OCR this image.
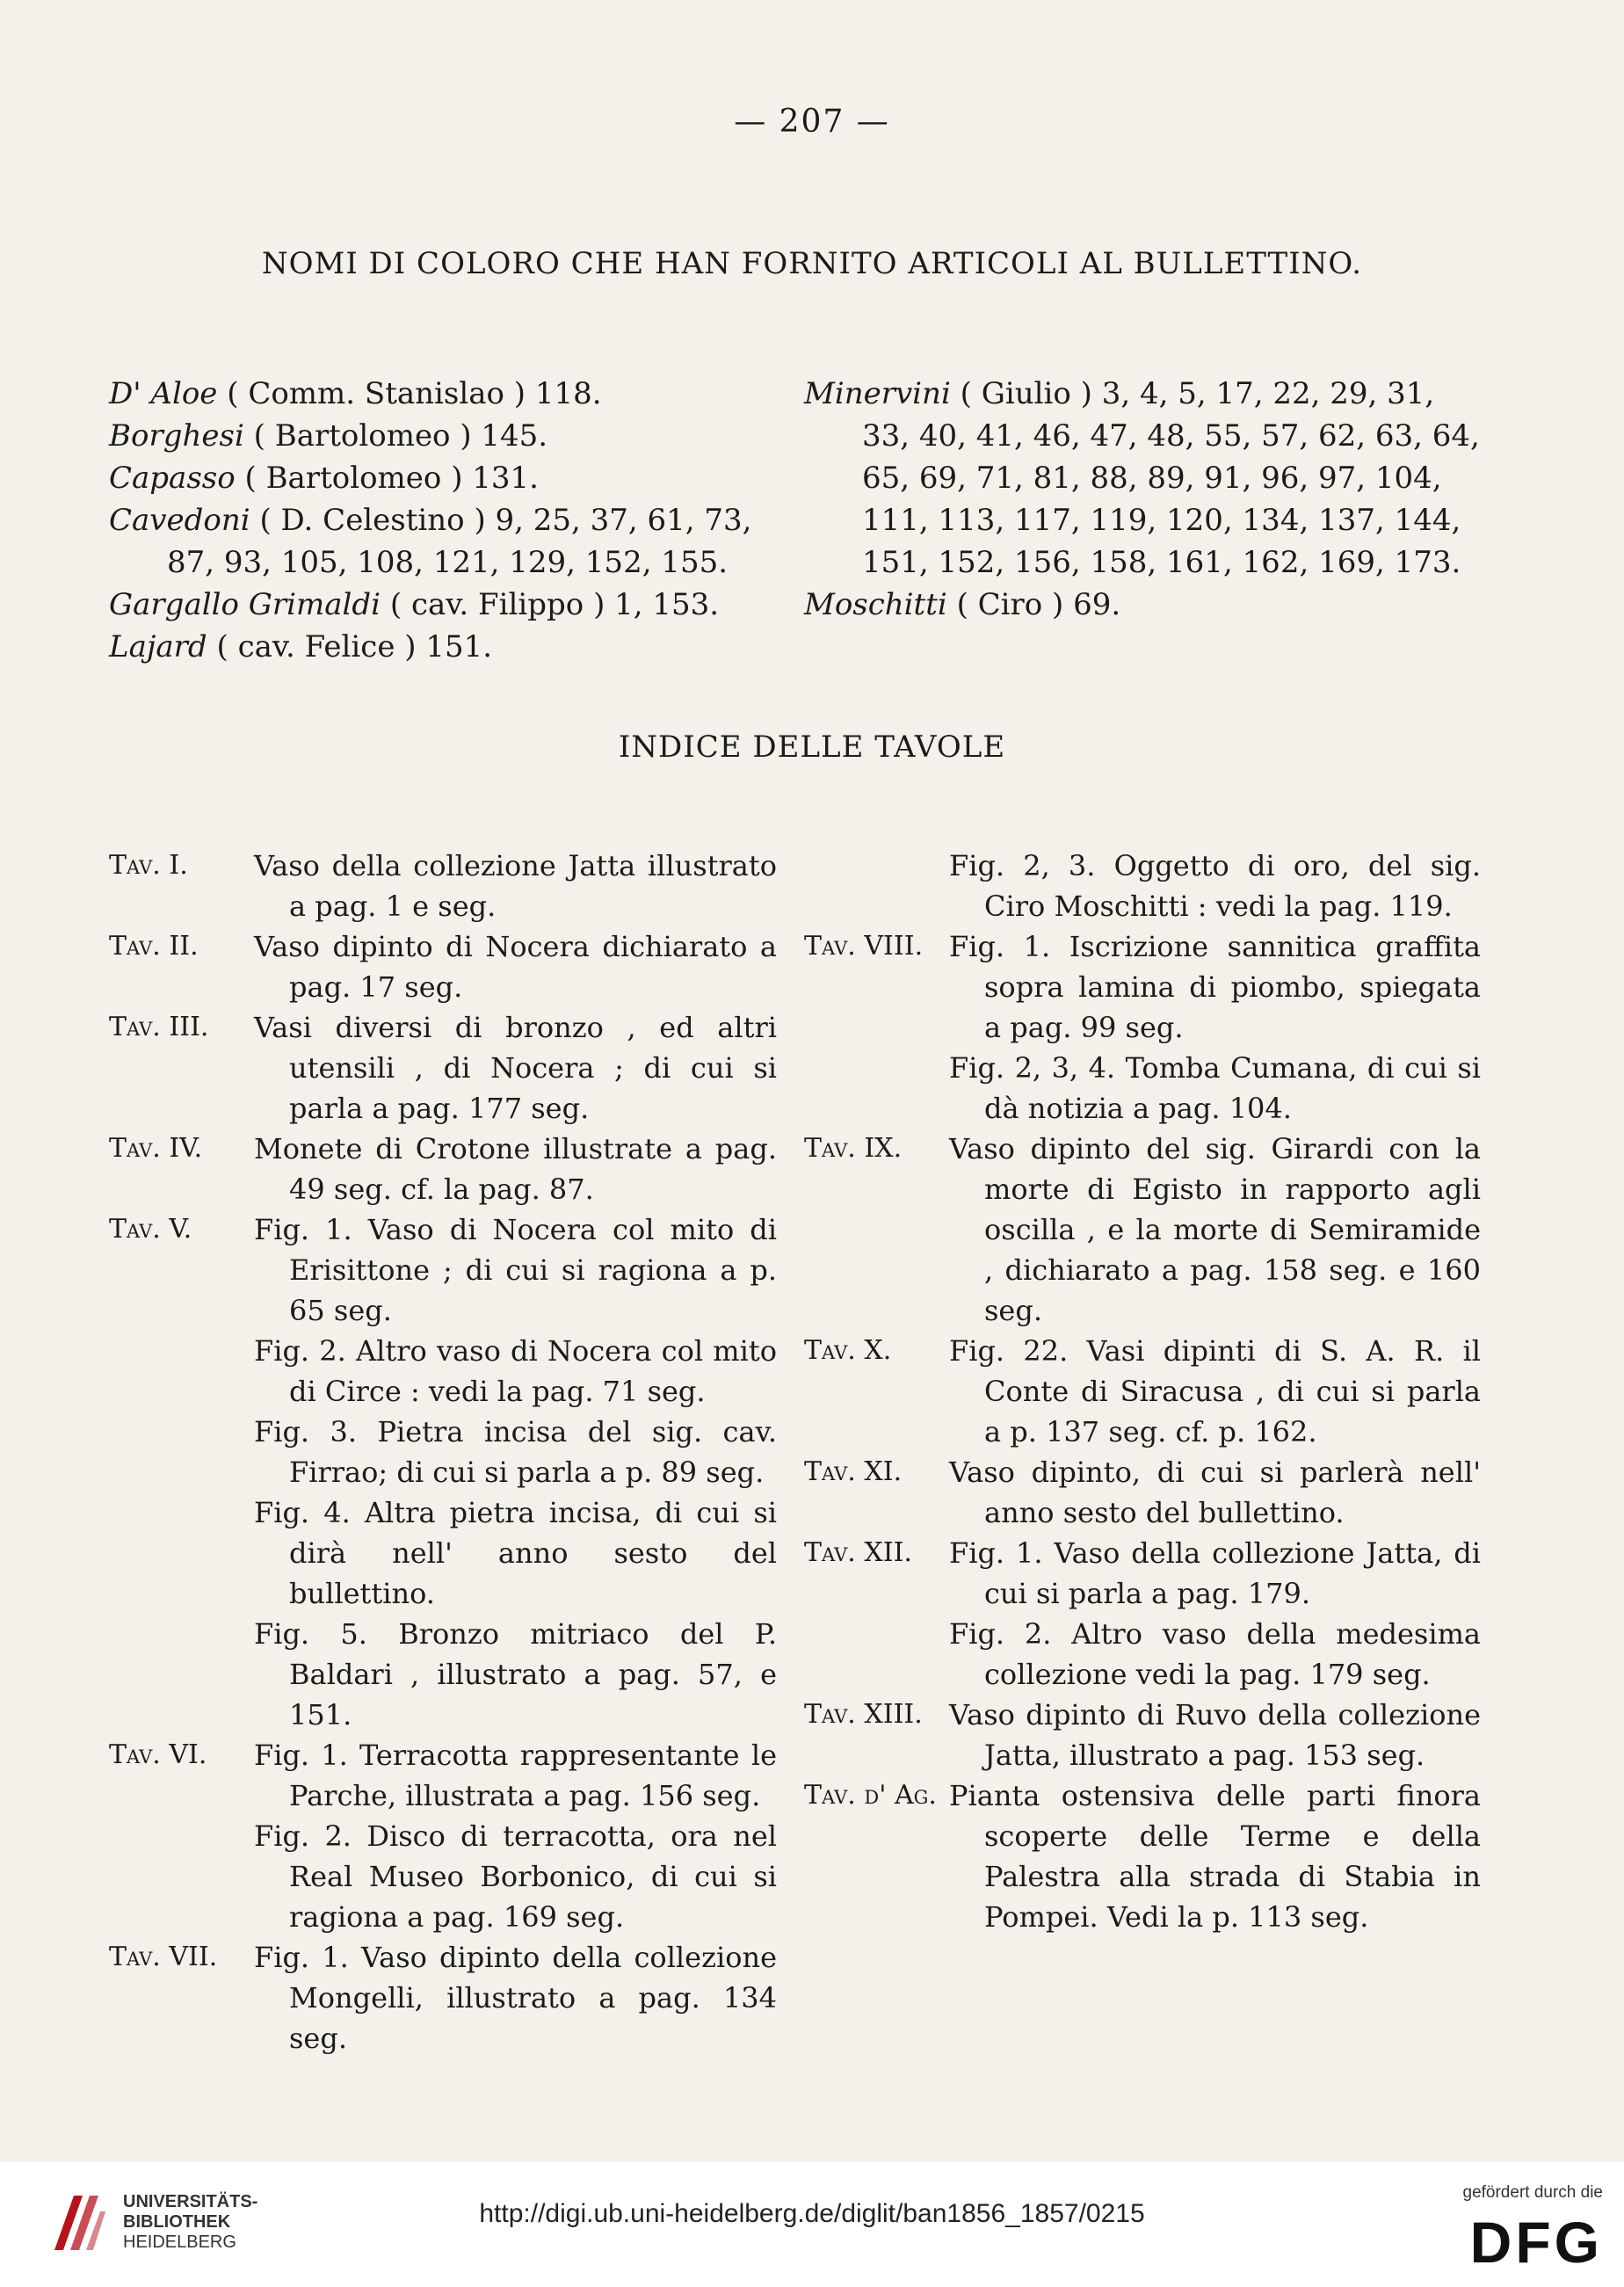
— 207 —
NOMI DI COLORO CHE HAN FORNITO ARTICOLI AL BULLETTINO.
D' Aloe ( Comm. Stanislao ) 118.
Borghesi ( Bartolomeo ) 145.
Capasso ( Bartolomeo ) 131.
Cavedoni ( D. Celestino ) 9, 25, 37, 61, 73, 87, 93, 105, 108, 121, 129, 152, 155.
Gargallo Grimaldi ( cav. Filippo ) 1, 153.
Lajard ( cav. Felice ) 151.
Minervini ( Giulio ) 3, 4, 5, 17, 22, 29, 31, 33, 40, 41, 46, 47, 48, 55, 57, 62, 63, 64, 65, 69, 71, 81, 88, 89, 91, 96, 97, 104, 111, 113, 117, 119, 120, 134, 137, 144, 151, 152, 156, 158, 161, 162, 169, 173.
Moschitti ( Ciro ) 69.
INDICE DELLE TAVOLE
Tav. I. Vaso della collezione Jatta illustrato a pag. 1 e seg.
Tav. II. Vaso dipinto di Nocera dichiarato a pag. 17 seg.
Tav. III. Vasi diversi di bronzo , ed altri utensili , di Nocera ; di cui si parla a pag. 177 seg.
Tav. IV. Monete di Crotone illustrate a pag. 49 seg. cf. la pag. 87.
Tav. V. Fig. 1. Vaso di Nocera col mito di Erisittone ; di cui si ragiona a p. 65 seg.
Fig. 2. Altro vaso di Nocera col mito di Circe : vedi la pag. 71 seg.
Fig. 3. Pietra incisa del sig. cav. Firrao; di cui si parla a p. 89 seg.
Fig. 4. Altra pietra incisa, di cui si dirà nell' anno sesto del bullettino.
Fig. 5. Bronzo mitriaco del P. Baldari , illustrato a pag. 57, e 151.
Tav. VI. Fig. 1. Terracotta rappresentante le Parche, illustrata a pag. 156 seg.
Fig. 2. Disco di terracotta, ora nel Real Museo Borbonico, di cui si ragiona a pag. 169 seg.
Tav. VII. Fig. 1. Vaso dipinto della collezione Mongelli, illustrato a pag. 134 seg.
Fig. 2, 3. Oggetto di oro, del sig. Ciro Moschitti : vedi la pag. 119.
Tav. VIII. Fig. 1. Iscrizione sannitica graffita sopra lamina di piombo, spiegata a pag. 99 seg.
Fig. 2, 3, 4. Tomba Cumana, di cui si dà notizia a pag. 104.
Tav. IX.	Vaso dipinto del sig. Girardi con la morte di Egisto in rapporto agli oscilla , e la morte di Semiramide , dichiarato a pag. 158 seg. e 160 seg.
Tav. X.	Fig. 22. Vasi dipinti di S. A. R. il Conte di Siracusa , di cui si parla a p. 137 seg. cf. p. 162.
Tav. XI.	Vaso dipinto, di cui si parlerà nell' anno sesto del bullettino.
Tav. XII.	Fig. 1. Vaso della collezione Jatta, di cui si parla a pag. 179.
Fig. 2. Altro vaso della medesima collezione vedi la pag. 179 seg.
Tav. XIII. Vaso dipinto di Ruvo della collezione Jatta, illustrato a pag. 153 seg.
Tav. d' Ag. Pianta ostensiva delle parti finora scoperte delle Terme e della Palestra alla strada di Stabia in Pompei. Vedi la p. 113 seg.
UNIVERSITÄTS-
BIBLIOTHEK
HEIDELBERG
http://digi.ub.uni-heidelberg.de/diglit/ban1856_1857/0215
gefördert durch die
DFG
